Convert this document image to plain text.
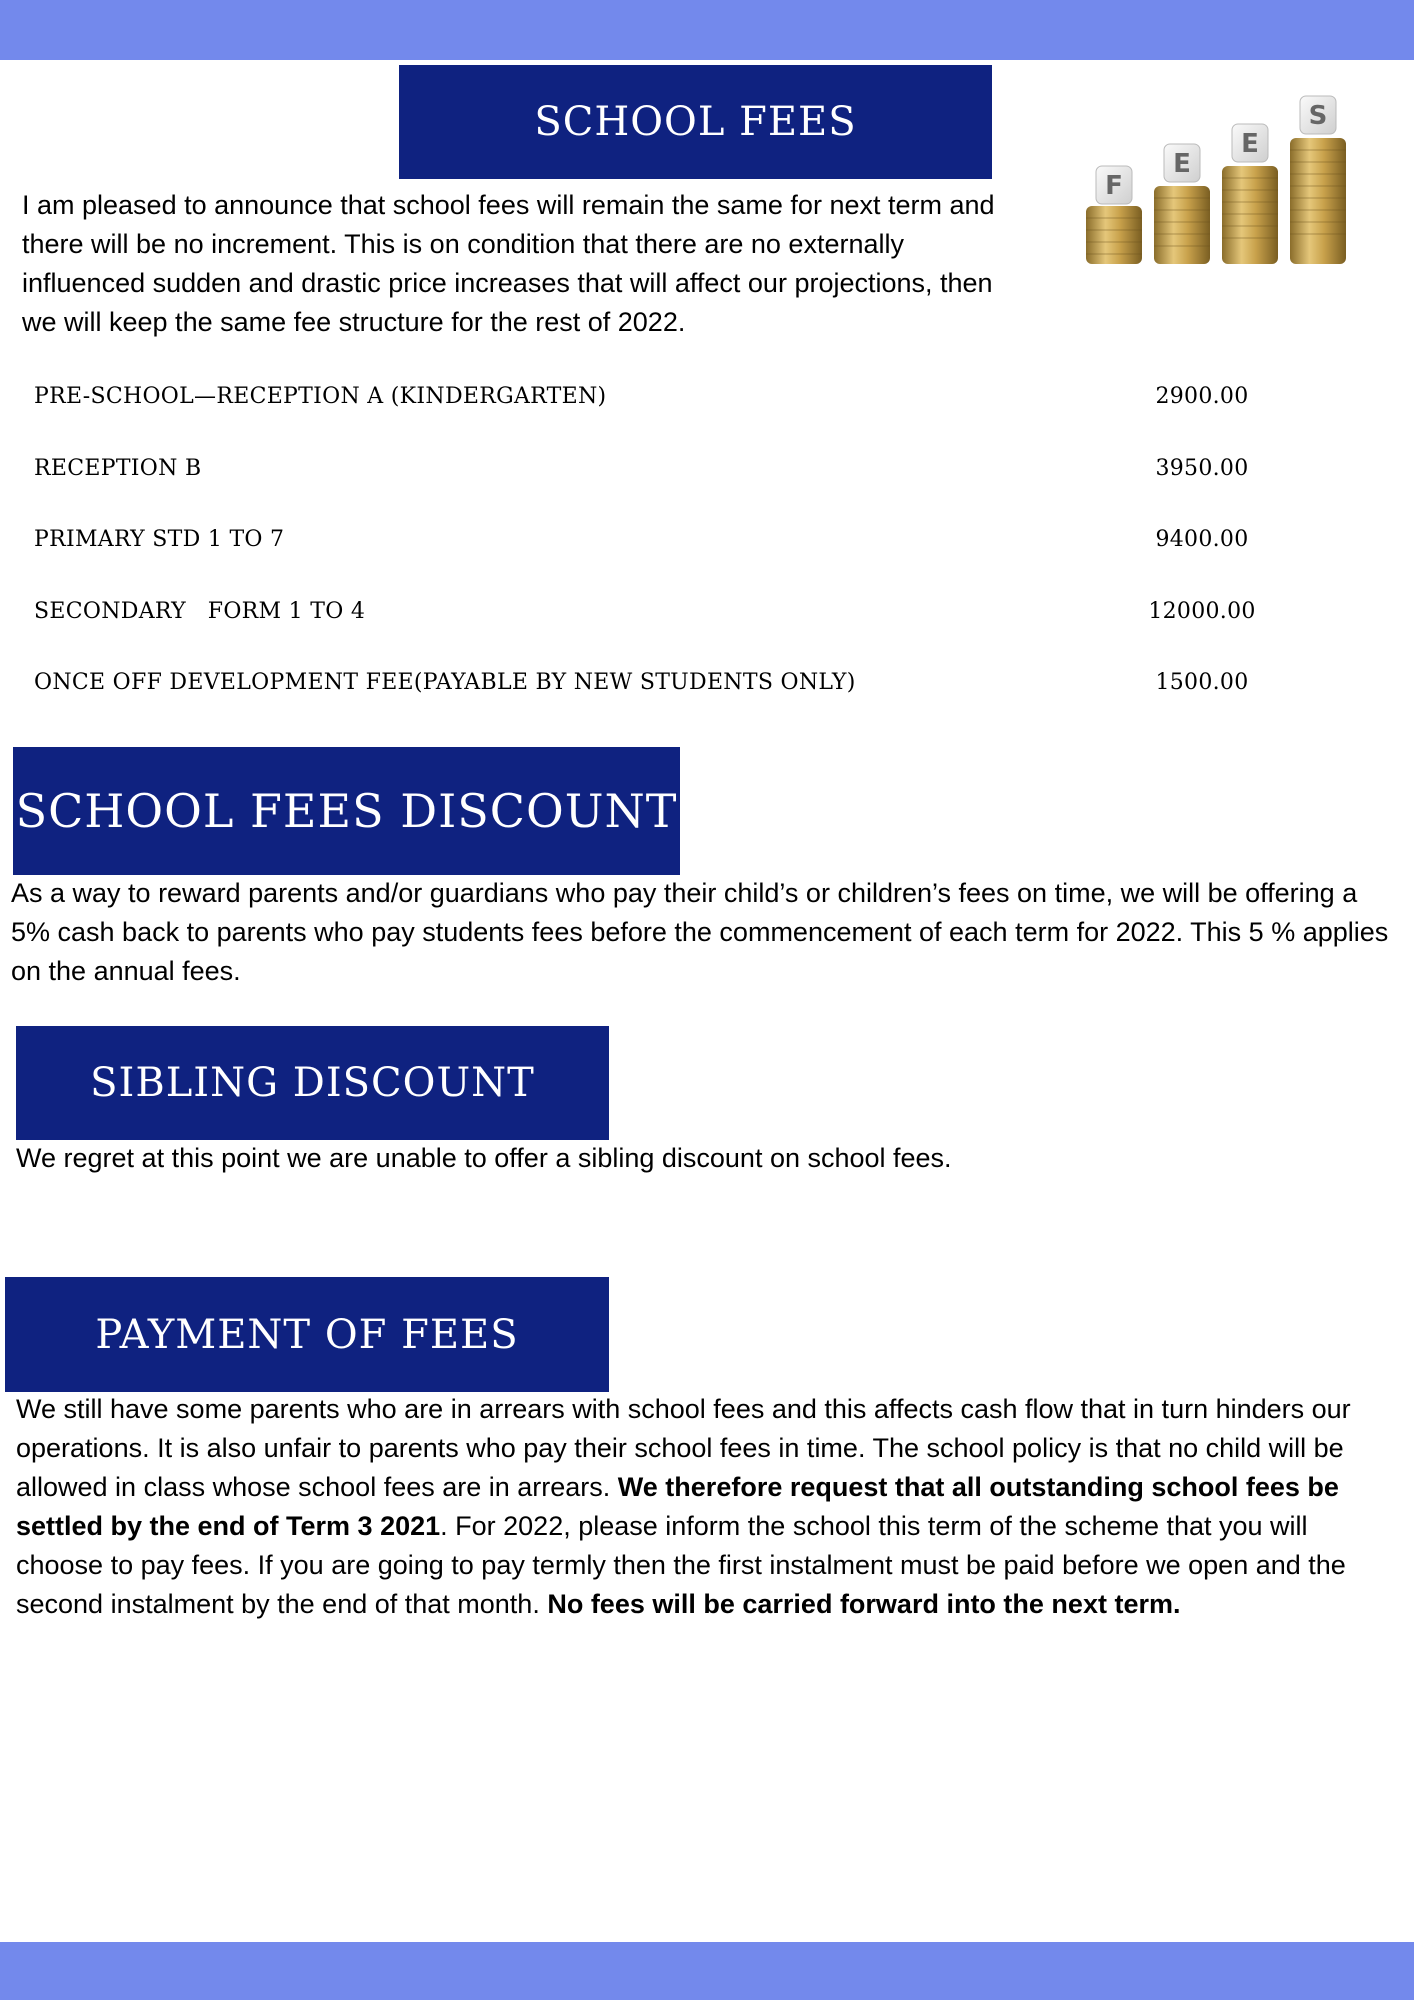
SCHOOL FEES

I am pleased to announce that school fees will remain the same for next term and there will be no increment. This is on condition that there are no externally influenced sudden and drastic price increases that will affect our projections, then we will keep the same fee structure for the rest of 2022.

F
E
E
S
PRE-SCHOOL—RECEPTION A (KINDERGARTEN)	2900.00
RECEPTION B	3950.00
PRIMARY STD 1 TO 7	9400.00
SECONDARY   FORM 1 TO 4	12000.00
ONCE OFF DEVELOPMENT FEE(PAYABLE BY NEW STUDENTS ONLY)	1500.00
SCHOOL FEES DISCOUNT

As a way to reward parents and/or guardians who pay their child’s or children’s fees on time, we will be offering a 5% cash back to parents who pay students fees before the commencement of each term for 2022. This 5 % applies on the annual fees.

SIBLING DISCOUNT

We regret at this point we are unable to offer a sibling discount on school fees.

PAYMENT OF FEES

We still have some parents who are in arrears with school fees and this affects cash flow that in turn hinders our operations. It is also unfair to parents who pay their school fees in time. The school policy is that no child will be allowed in class whose school fees are in arrears. We therefore request that all outstanding school fees be settled by the end of Term 3 2021. For 2022, please inform the school this term of the scheme that you will choose to pay fees. If you are going to pay termly then the first instalment must be paid before we open and the second instalment by the end of that month. No fees will be carried forward into the next term.
